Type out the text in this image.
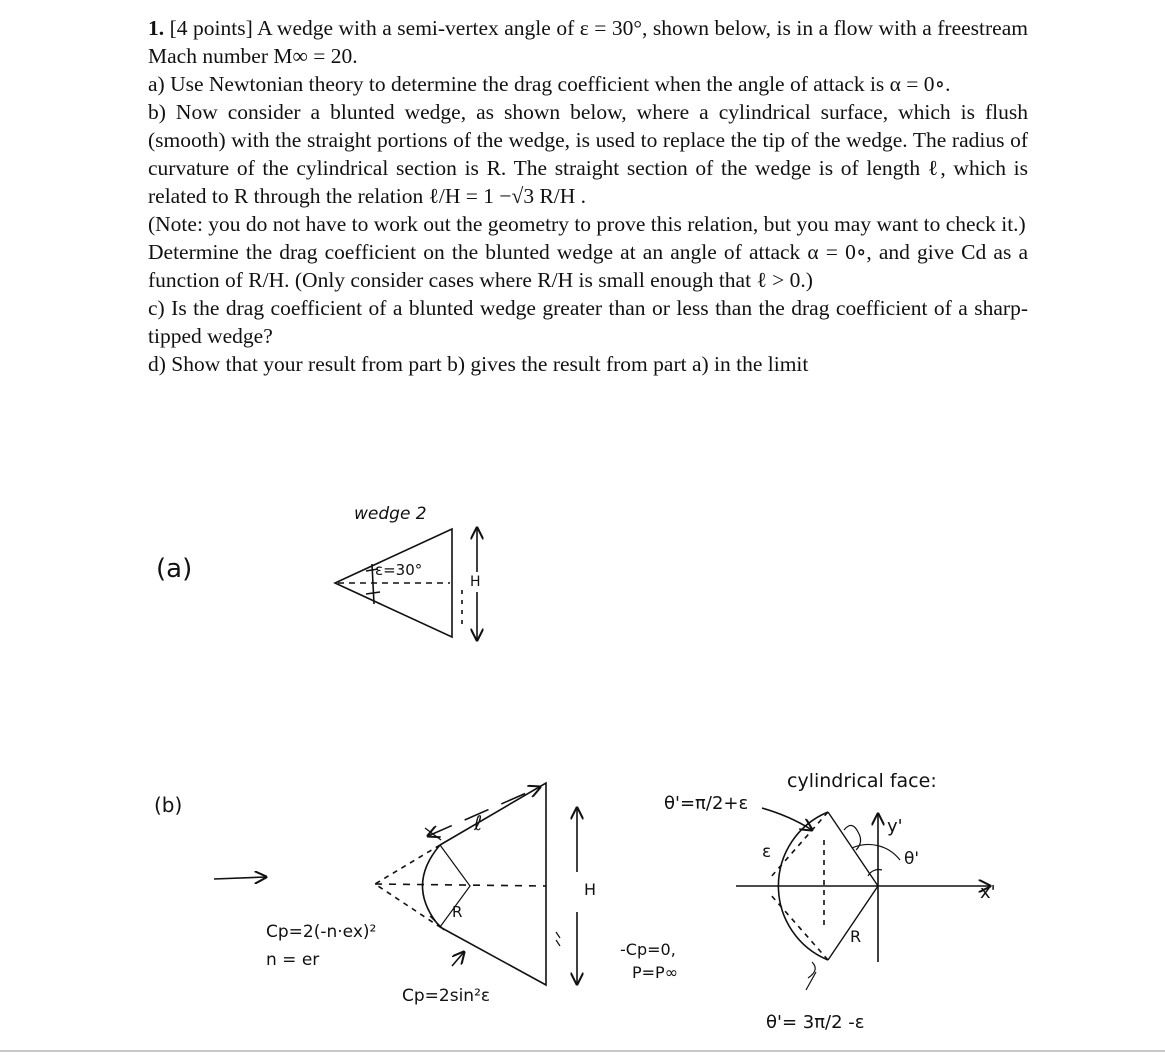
1. [4 points] A wedge with a semi-vertex angle of ε = 30°, shown below, is in a flow with a freestream Mach number M∞ = 20.

a) Use Newtonian theory to determine the drag coefficient when the angle of attack is α = 0∘.

b) Now consider a blunted wedge, as shown below, where a cylindrical surface, which is flush (smooth) with the straight portions of the wedge, is used to replace the tip of the wedge. The radius of curvature of the cylindrical section is R. The straight section of the wedge is of length ℓ, which is related to R through the relation ℓ/H = 1 −√3 R/H .

(Note: you do not have to work out the geometry to prove this relation, but you may want to check it.)

Determine the drag coefficient on the blunted wedge at an angle of attack α = 0∘, and give Cd as a function of R/H. (Only consider cases where R/H is small enough that ℓ > 0.)

c) Is the drag coefficient of a blunted wedge greater than or less than the drag coefficient of a sharp-tipped wedge?

d) Show that your result from part b) gives the result from part a) in the limit

(a)
wedge 2
ε=30°
H
(b)
ℓ
R
H
Cp=2(-n·ex)²
n = er
Cp=2sin²ε
-Cp=0,
P=P∞
θ'=π/2+ε
cylindrical face:
ε
y'
x'
θ'
R
θ'= 3π/2 -ε
